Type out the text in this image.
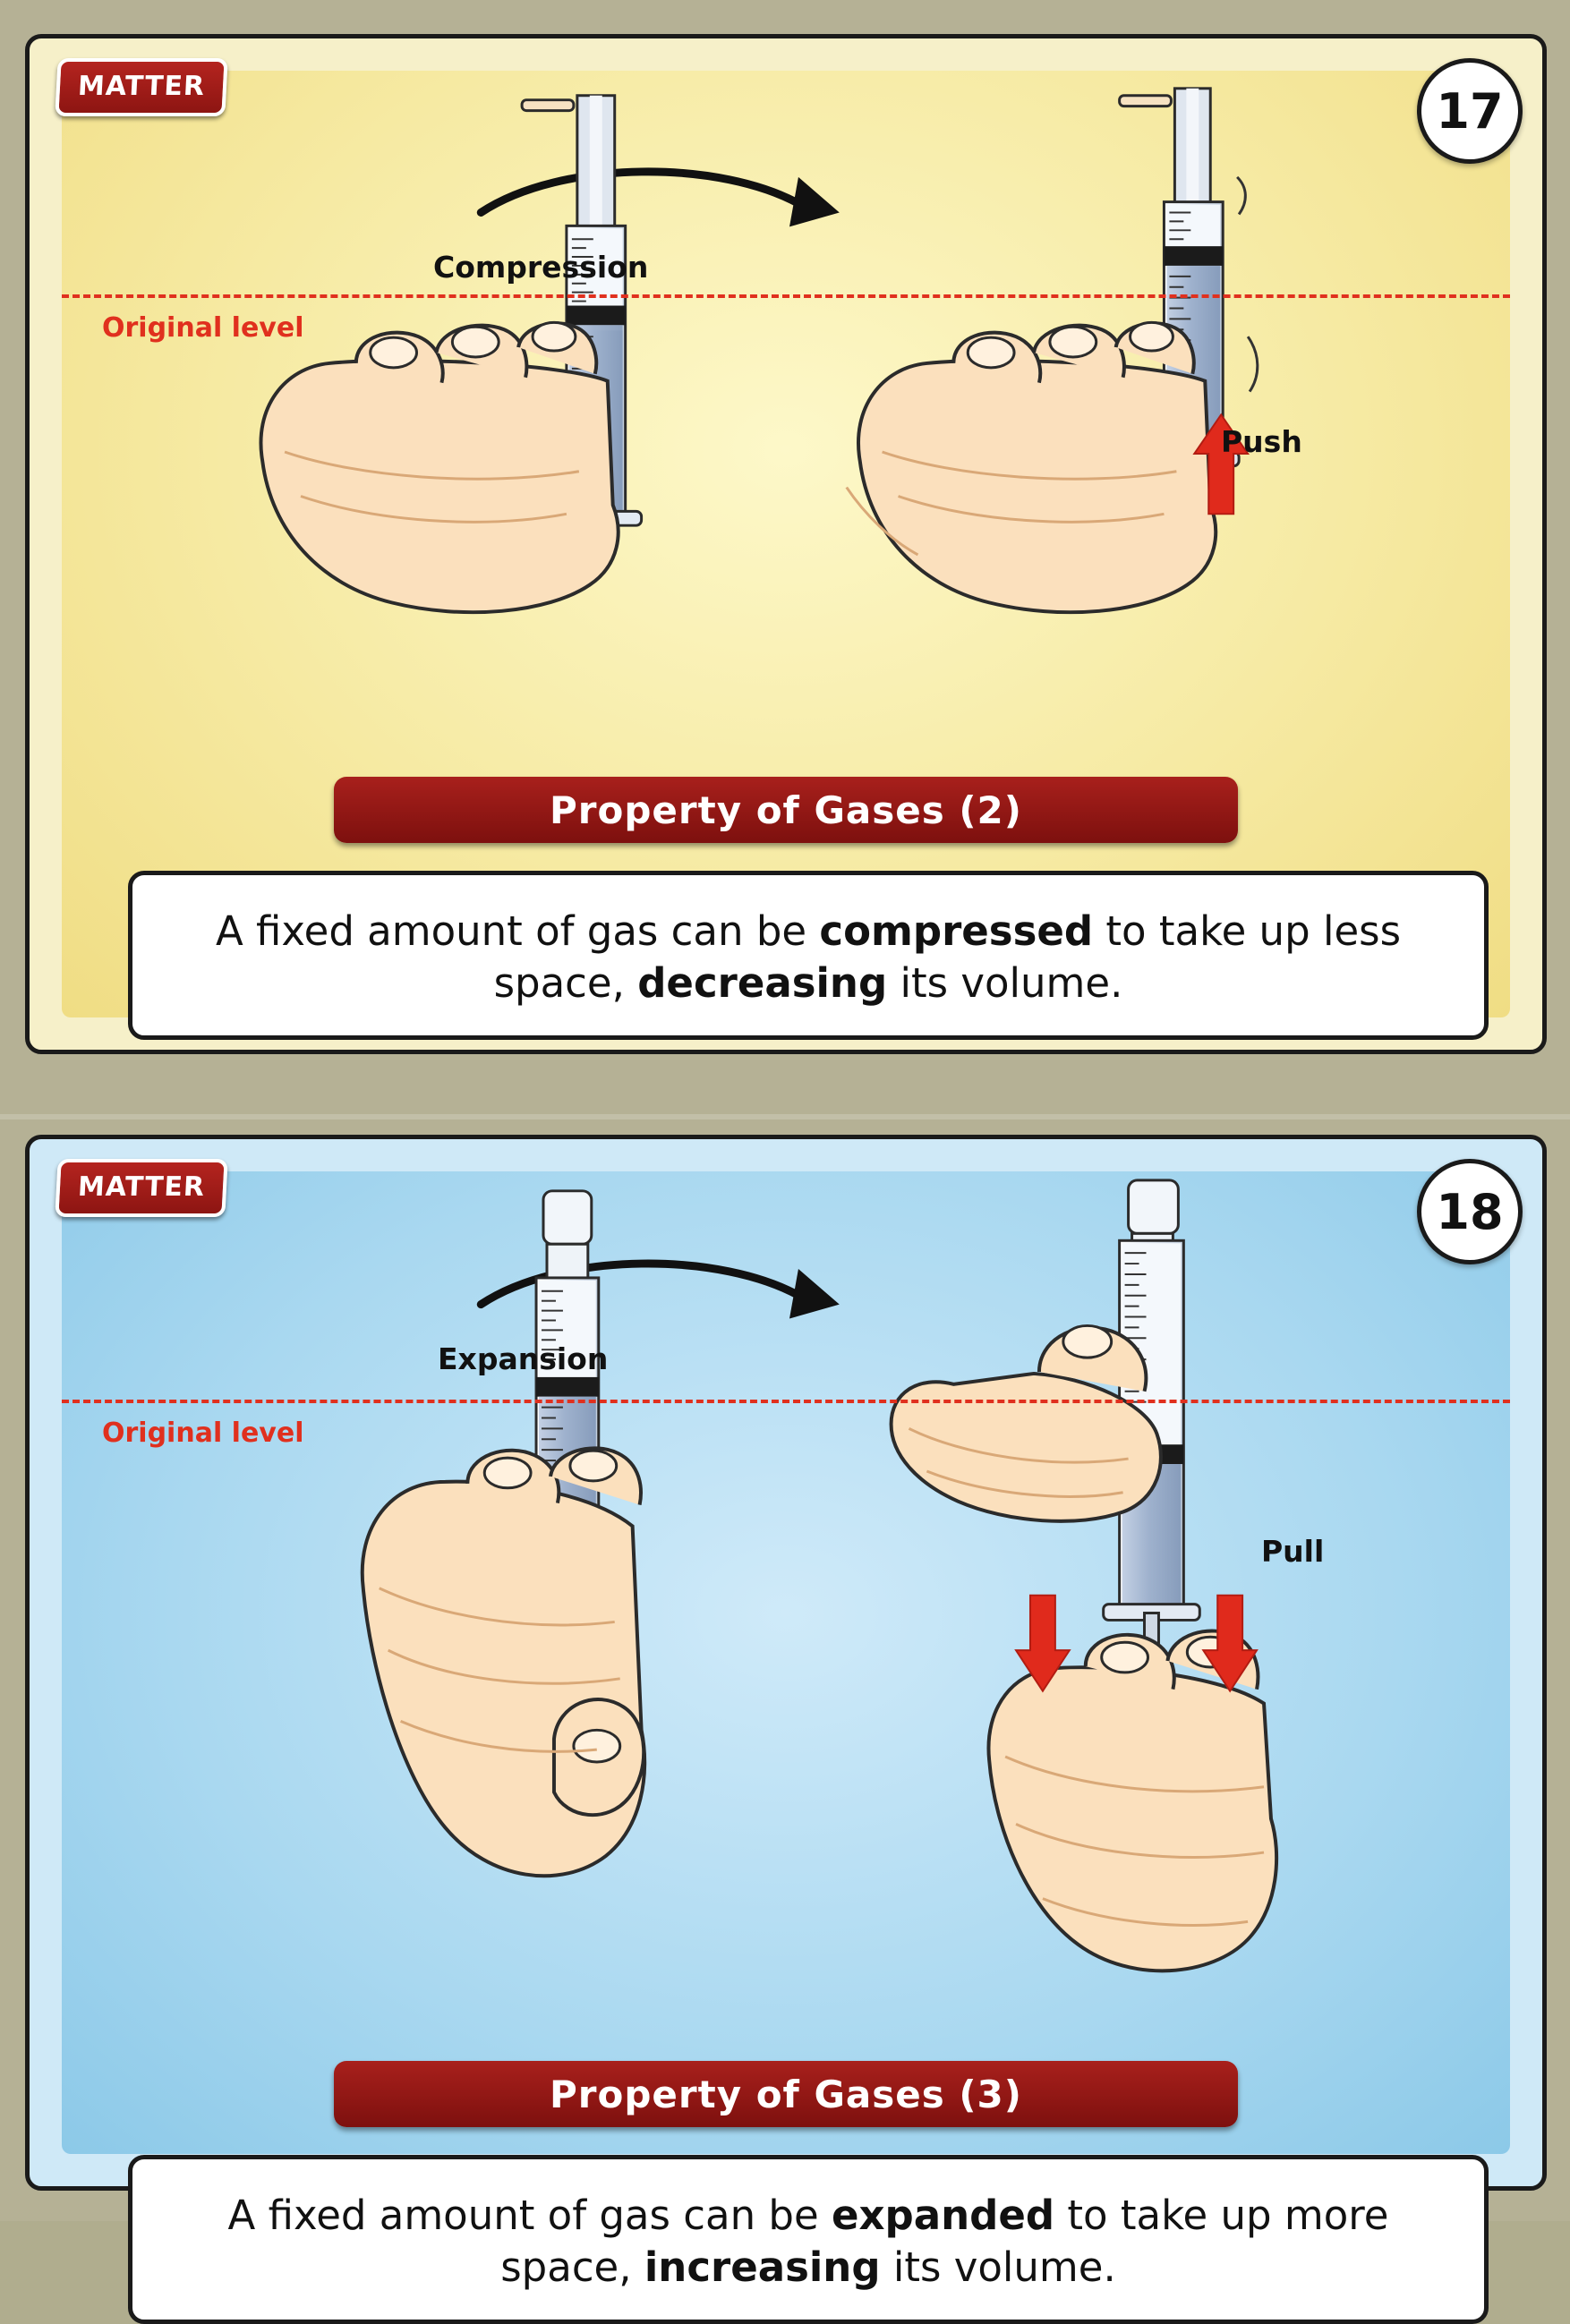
Original level
Compression
Push
MATTER	17
Property of Gases (2)
A fixed amount of gas can be compressed to take up less space, decreasing its volume.
Original level
Expansion
Pull
MATTER	18
Property of Gases (3)
A fixed amount of gas can be expanded to take up more space, increasing its volume.
